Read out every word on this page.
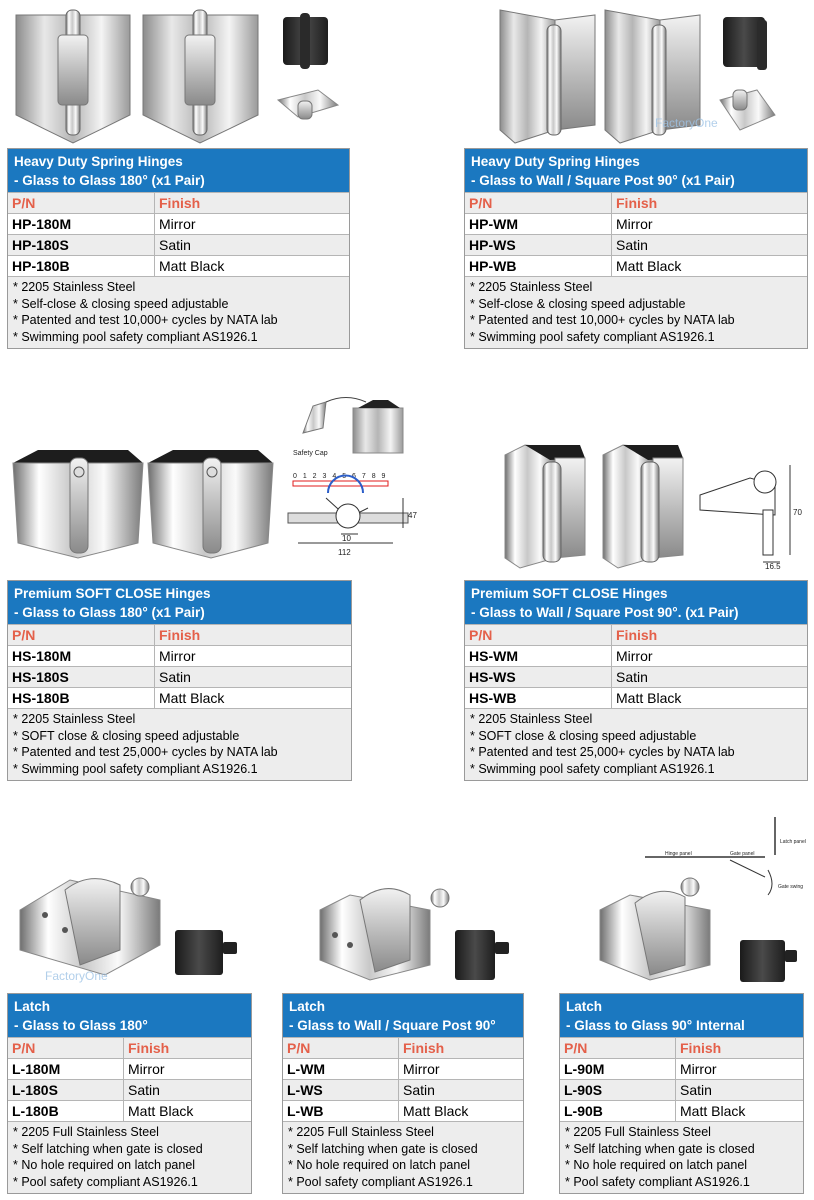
FactoryOne
Heavy Duty Spring Hinges
- Glass to Glass 180° (x1 Pair)
P/N	Finish
HP-180M	Mirror
HP-180S	Satin
HP-180B	Matt Black
* 2205 Stainless Steel
* Self-close & closing speed adjustable
* Patented and test 10,000+ cycles by NATA lab
* Swimming pool safety compliant AS1926.1
Heavy Duty Spring Hinges
- Glass to Wall / Square Post 90° (x1 Pair)
P/N	Finish
HP-WM	Mirror
HP-WS	Satin
HP-WB	Matt Black
* 2205 Stainless Steel
* Self-close & closing speed adjustable
* Patented and test 10,000+ cycles by NATA lab
* Swimming pool safety compliant AS1926.1
Safety Cap
0 1 2 3 4 5 6 7 8 9
47
10
112
70
16.5
Premium SOFT CLOSE Hinges
- Glass to Glass 180° (x1 Pair)
P/N	Finish
HS-180M	Mirror
HS-180S	Satin
HS-180B	Matt Black
* 2205 Stainless Steel
* SOFT close & closing speed adjustable
* Patented and test 25,000+ cycles by NATA lab
* Swimming pool safety compliant AS1926.1
Premium SOFT CLOSE Hinges
- Glass to Wall / Square Post 90°. (x1 Pair)
P/N	Finish
HS-WM	Mirror
HS-WS	Satin
HS-WB	Matt Black
* 2205 Stainless Steel
* SOFT close & closing speed adjustable
* Patented and test 25,000+ cycles by NATA lab
* Swimming pool safety compliant AS1926.1
FactoryOne
Hinge panel	Gate panel
Latch panel
Gate swing
Latch
- Glass to Glass 180°
P/N	Finish
L-180M	Mirror
L-180S	Satin
L-180B	Matt Black
* 2205 Full Stainless Steel
* Self latching when gate is closed
* No hole required on latch panel
* Pool safety compliant AS1926.1
Latch
- Glass to Wall / Square Post 90°
P/N	Finish
L-WM	Mirror
L-WS	Satin
L-WB	Matt Black
* 2205 Full Stainless Steel
* Self latching when gate is closed
* No hole required on latch panel
* Pool safety compliant AS1926.1
Latch
- Glass to Glass 90° Internal
P/N	Finish
L-90M	Mirror
L-90S	Satin
L-90B	Matt Black
* 2205 Full Stainless Steel
* Self latching when gate is closed
* No hole required on latch panel
* Pool safety compliant AS1926.1
